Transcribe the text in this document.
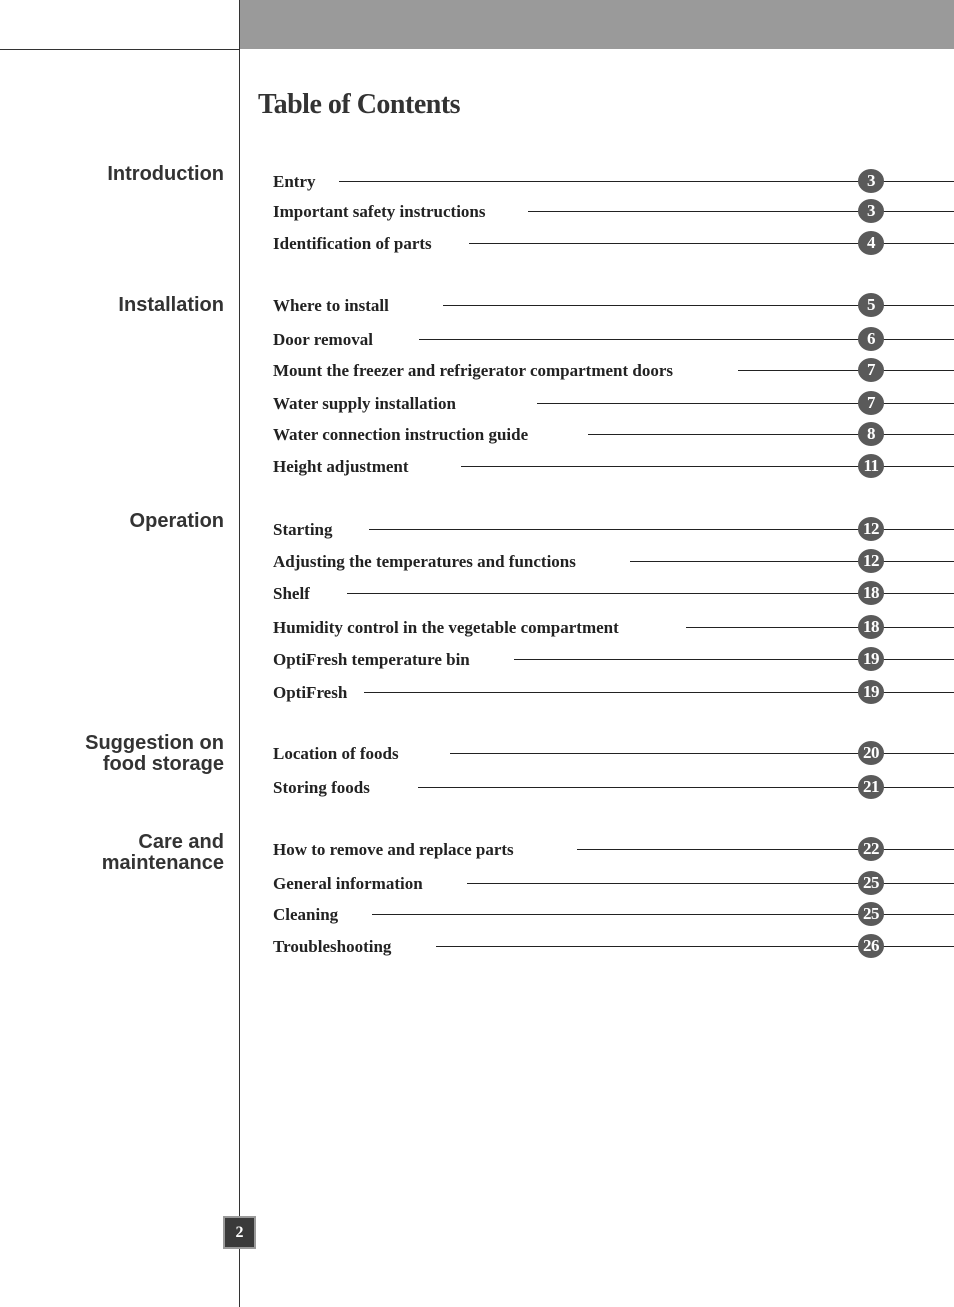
Table of Contents
Introduction
Installation
Operation
Suggestion on
food storage
Care and
maintenance
Entry	3
Important safety instructions	3
Identification of parts	4
Where to install	5
Door removal	6
Mount the freezer and refrigerator compartment doors	7
Water supply installation	7
Water connection instruction guide	8
Height adjustment	11
Starting	12
Adjusting the temperatures and functions	12
Shelf	18
Humidity control in the vegetable compartment	18
OptiFresh temperature bin	19
OptiFresh	19
Location of foods	20
Storing foods	21
How to remove and replace parts	22
General information	25
Cleaning	25
Troubleshooting	26
2
